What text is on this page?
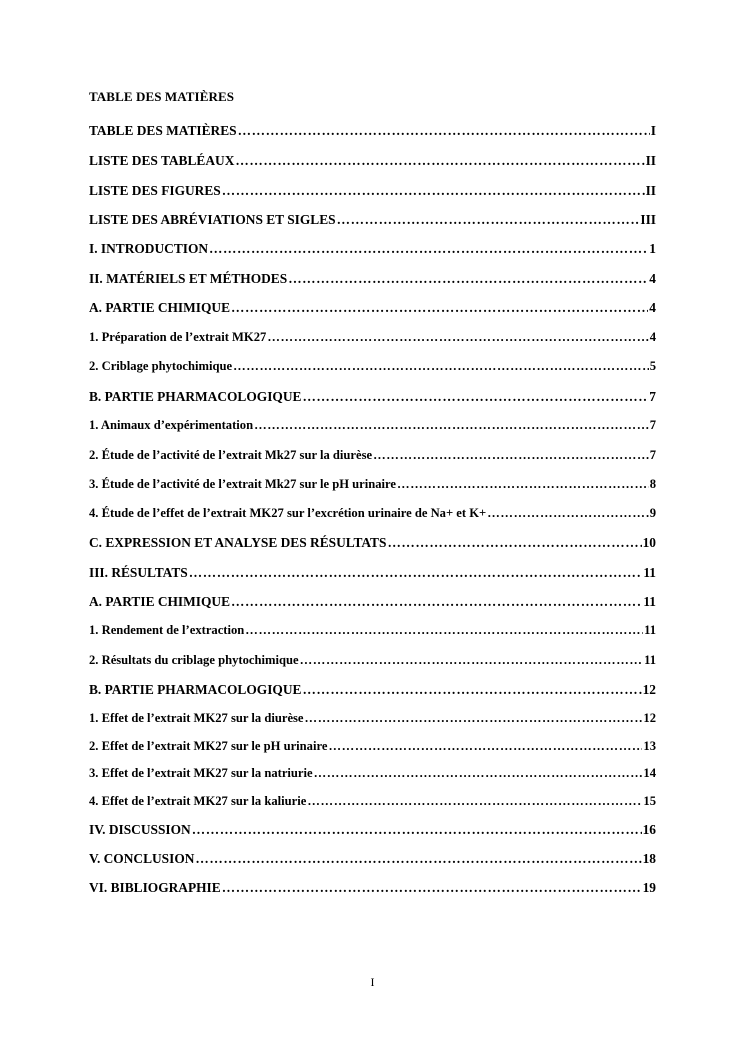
TABLE DES MATIÈRES
TABLE DES MATIÈRES ……………………………………………………………………………………………………………………………………………………………………………………	I
LISTE DES TABLÉAUX ……………………………………………………………………………………………………………………………………………………………………………………	II
LISTE DES FIGURES ……………………………………………………………………………………………………………………………………………………………………………………	II
LISTE DES ABRÉVIATIONS ET SIGLES ……………………………………………………………………………………………………………………………………………………………………………………	III
I. INTRODUCTION ……………………………………………………………………………………………………………………………………………………………………………………	1
II. MATÉRIELS ET MÉTHODES ……………………………………………………………………………………………………………………………………………………………………………………	4
A. PARTIE CHIMIQUE ……………………………………………………………………………………………………………………………………………………………………………………	4
1. Préparation de l’extrait MK27 ……………………………………………………………………………………………………………………………………………………………………………………	4
2. Criblage phytochimique ……………………………………………………………………………………………………………………………………………………………………………………	5
B. PARTIE PHARMACOLOGIQUE ……………………………………………………………………………………………………………………………………………………………………………………	7
1. Animaux d’expérimentation ……………………………………………………………………………………………………………………………………………………………………………………	7
2. Étude de l’activité de l’extrait Mk27 sur la diurèse ……………………………………………………………………………………………………………………………………………………………………………………	7
3. Étude de l’activité de l’extrait Mk27 sur le pH urinaire ……………………………………………………………………………………………………………………………………………………………………………………	8
4. Étude de l’effet de l’extrait MK27 sur l’excrétion urinaire de Na+ et K+ ……………………………………………………………………………………………………………………………………………………………………………………	9
C. EXPRESSION ET ANALYSE DES RÉSULTATS ……………………………………………………………………………………………………………………………………………………………………………………	10
III. RÉSULTATS ……………………………………………………………………………………………………………………………………………………………………………………	11
A. PARTIE CHIMIQUE ……………………………………………………………………………………………………………………………………………………………………………………	11
1. Rendement de l’extraction ……………………………………………………………………………………………………………………………………………………………………………………	11
2. Résultats du criblage phytochimique ……………………………………………………………………………………………………………………………………………………………………………………	11
B. PARTIE PHARMACOLOGIQUE ……………………………………………………………………………………………………………………………………………………………………………………	12
1. Effet de l’extrait MK27 sur la diurèse ……………………………………………………………………………………………………………………………………………………………………………………	12
2. Effet de l’extrait MK27 sur le pH urinaire ……………………………………………………………………………………………………………………………………………………………………………………	13
3. Effet de l’extrait MK27 sur la natriurie ……………………………………………………………………………………………………………………………………………………………………………………	14
4. Effet de l’extrait MK27 sur la kaliurie ……………………………………………………………………………………………………………………………………………………………………………………	15
IV. DISCUSSION ……………………………………………………………………………………………………………………………………………………………………………………	16
V. CONCLUSION ……………………………………………………………………………………………………………………………………………………………………………………	18
VI. BIBLIOGRAPHIE ……………………………………………………………………………………………………………………………………………………………………………………	19
I
